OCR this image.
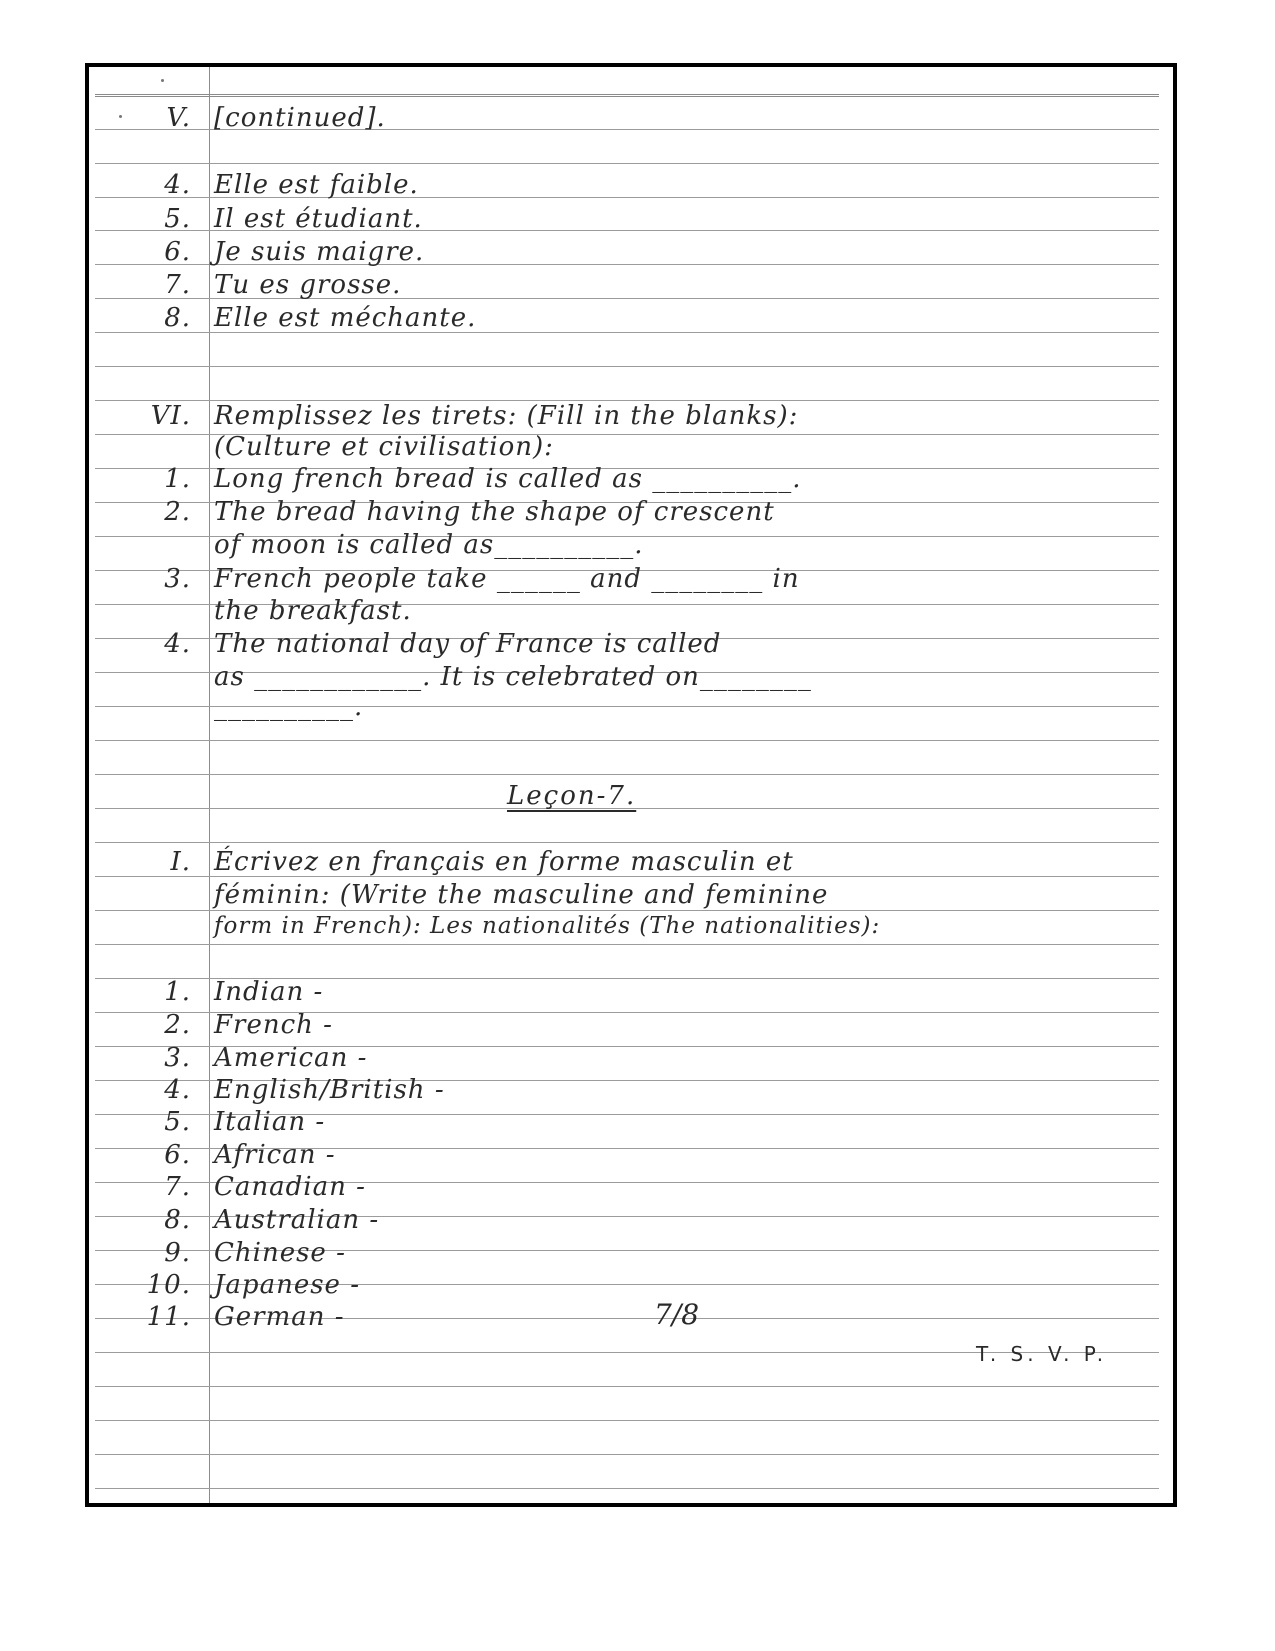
V. [continued].
4. Elle est faible.
5. Il est étudiant.
6. Je suis maigre.
7. Tu es grosse.
8. Elle est méchante.
VI. Remplissez les tirets: (Fill in the blanks):
(Culture et civilisation):
1. Long french bread is called as __________.
2. The bread having the shape of crescent
of moon is called as__________.
3. French people take ______ and ________ in
the breakfast.
4. The national day of France is called
as ____________. It is celebrated on________
__________.
Leçon-7.
I. Écrivez en français en forme masculin et
féminin: (Write the masculine and feminine
form in French): Les nationalités (The nationalities):
1. Indian -
2. French -
3. American -
4. English/British -
5. Italian -
6. African -
7. Canadian -
8. Australian -
9. Chinese -
10. Japanese -
11. German -	7/8
T. S. V. P.
